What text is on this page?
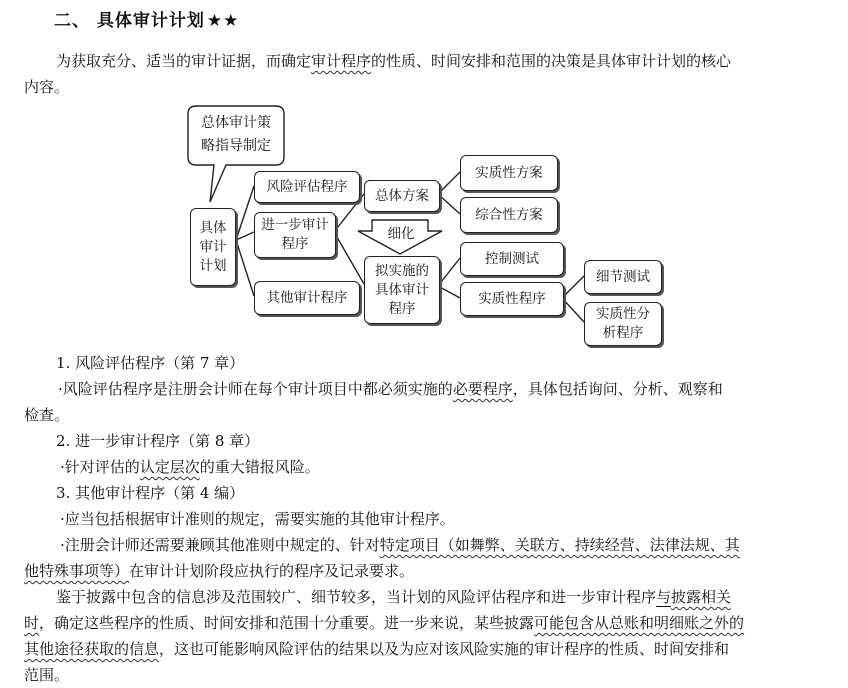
二、 具体审计计划 ★★
为获取充分、适当的审计证据，而确定审计程序的性质、时间安排和范围的决策是具体审计计划的核心
内容。
总体审计策
略指导制定
具体
审计
计划
风险评估程序
进一步审计
程序
其他审计程序
总体方案
细化
拟实施的
具体审计
程序
实质性方案
综合性方案
控制测试
实质性程序
细节测试
实质性分
析程序
1. 风险评估程序（第 7 章）
·风险评估程序是注册会计师在每个审计项目中都必须实施的必要程序，具体包括询问、分析、观察和
检查。
2. 进一步审计程序（第 8 章）
·针对评估的认定层次的重大错报风险。
3. 其他审计程序（第 4 编）
·应当包括根据审计准则的规定，需要实施的其他审计程序。
·注册会计师还需要兼顾其他准则中规定的、针对特定项目（如舞弊、关联方、持续经营、法律法规、其
他特殊事项等）在审计计划阶段应执行的程序及记录要求。
鉴于披露中包含的信息涉及范围较广、细节较多，当计划的风险评估程序和进一步审计程序与披露相关
时，确定这些程序的性质、时间安排和范围十分重要。进一步来说，某些披露可能包含从总账和明细账之外的
其他途径获取的信息，这也可能影响风险评估的结果以及为应对该风险实施的审计程序的性质、时间安排和
范围。
